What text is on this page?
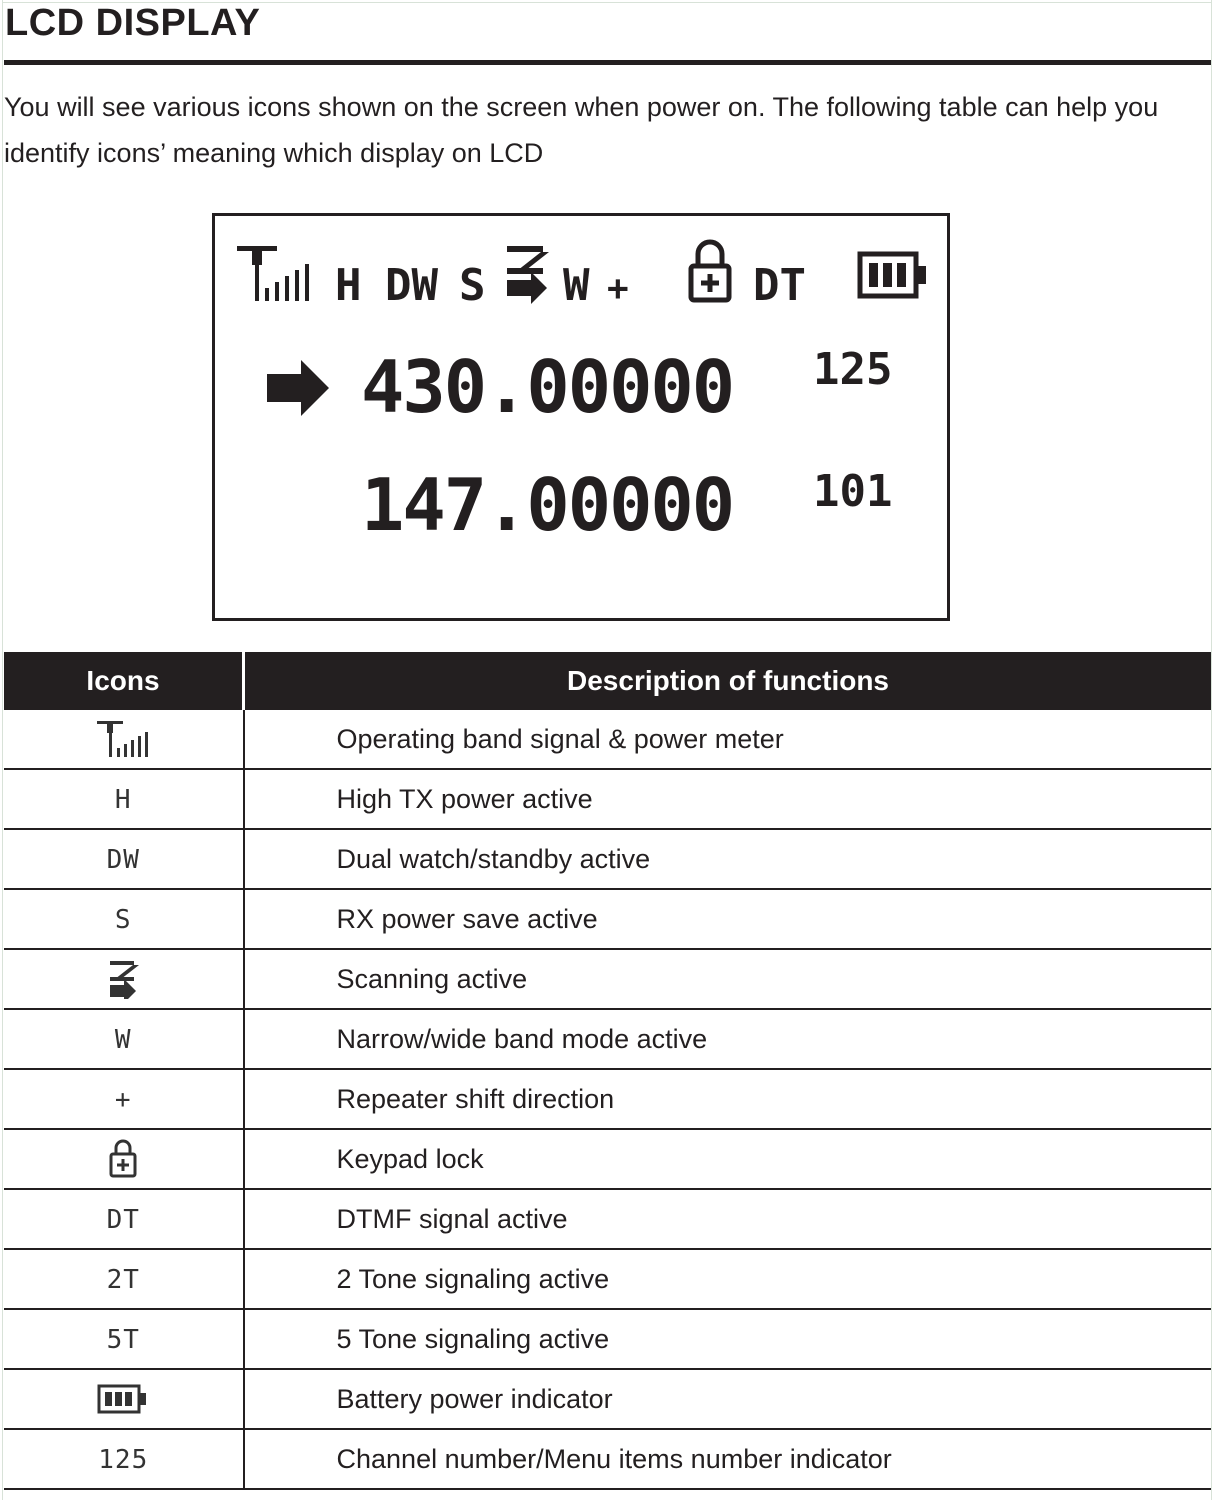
LCD DISPLAY

You will see various icons shown on the screen when power on. The following table can help you identify icons’ meaning which display on LCD

H DW S W +	DT
430.00000 125
147.00000 101
Icons	Description of functions
	Operating band signal & power meter
H	High TX power active
DW	Dual watch/standby active
S	RX power save active
	Scanning active
W	Narrow/wide band mode active
+	Repeater shift direction
	Keypad lock
DT	DTMF signal active
2T	2 Tone signaling active
5T	5 Tone signaling active
	Battery power indicator
125	Channel number/Menu items number indicator
